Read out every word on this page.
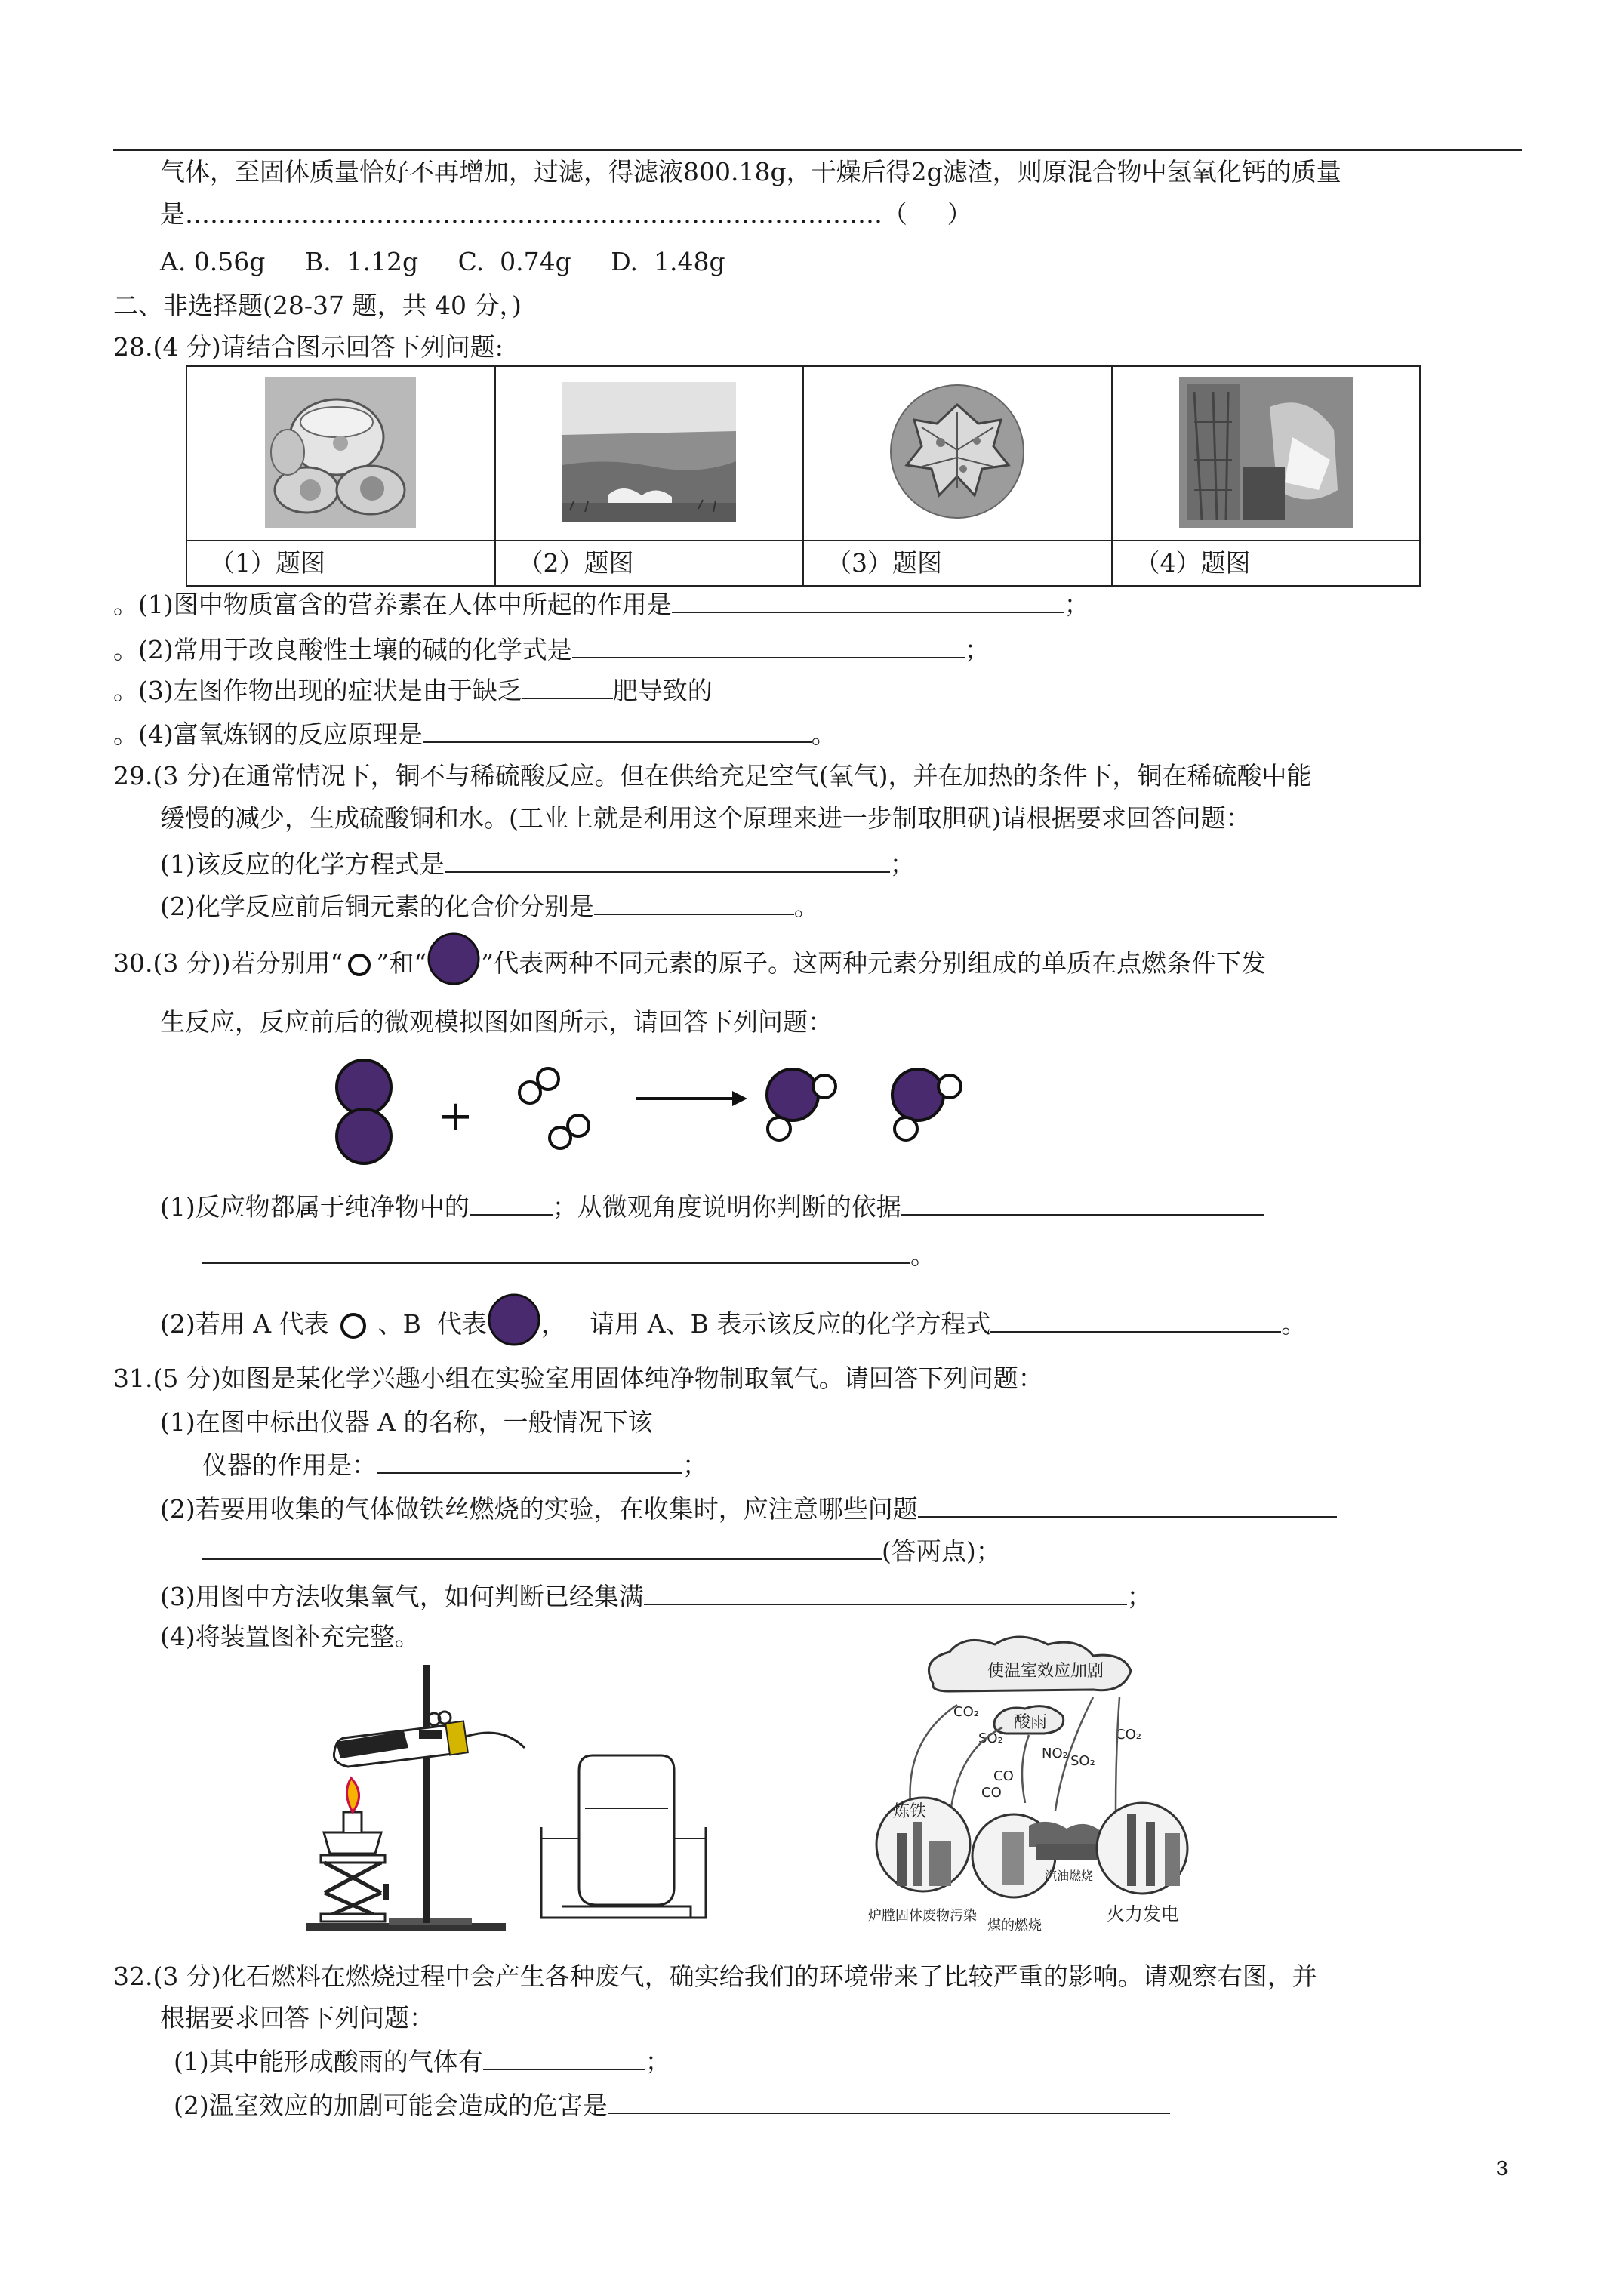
气体，至固体质量恰好不再增加，过滤，得滤液800.18g，干燥后得2g滤渣，则原混合物中氢氧化钙的质量
是…………………………………………………………………………（     ）
A. 0.56g     B.  1.12g     C.  0.74g     D.  1.48g
二、非选择题(28-37 题，共 40 分，)
28.(4 分)请结合图示回答下列问题:

（1）题图	（2）题图	（3）题图	（4）题图
。(1)图中物质富含的营养素在人体中所起的作用是	；
。(2)常用于改良酸性土壤的碱的化学式是	；
。(3)左图作物出现的症状是由于缺乏	肥导致的
。(4)富氧炼钢的反应原理是	。
29.(3 分)在通常情况下，铜不与稀硫酸反应。但在供给充足空气(氧气)，并在加热的条件下，铜在稀硫酸中能
缓慢的减少，生成硫酸铜和水。(工业上就是利用这个原理来进一步制取胆矾)请根据要求回答问题：
(1)该反应的化学方程式是	；
(2)化学反应前后铜元素的化合价分别是	。
30.(3 分))若分别用“ ”和“ ”代表两种不同元素的原子。这两种元素分别组成的单质在点燃条件下发
生反应，反应前后的微观模拟图如图所示，请回答下列问题：
+
(1)反应物都属于纯净物中的	；从微观角度说明你判断的依据
。
(2)若用 A 代表 、B  代表 ，   请用 A、B 表示该反应的化学方程式	。
31.(5 分)如图是某化学兴趣小组在实验室用固体纯净物制取氧气。请回答下列问题：
(1)在图中标出仪器 A 的名称，一般情况下该
仪器的作用是：	；
(2)若要用收集的气体做铁丝燃烧的实验，在收集时，应注意哪些问题
(答两点)；
(3)用图中方法收集氧气，如何判断已经集满	；
(4)将装置图补充完整。
使温室效应加剧
酸雨
CO₂
CO₂
SO₂
SO₂
NO₂
CO
CO
炼铁
汽油燃烧
炉膛固体废物污染
煤的燃烧
火力发电
32.(3 分)化石燃料在燃烧过程中会产生各种废气，确实给我们的环境带来了比较严重的影响。请观察右图，并
根据要求回答下列问题：
(1)其中能形成酸雨的气体有	；
(2)温室效应的加剧可能会造成的危害是
3
